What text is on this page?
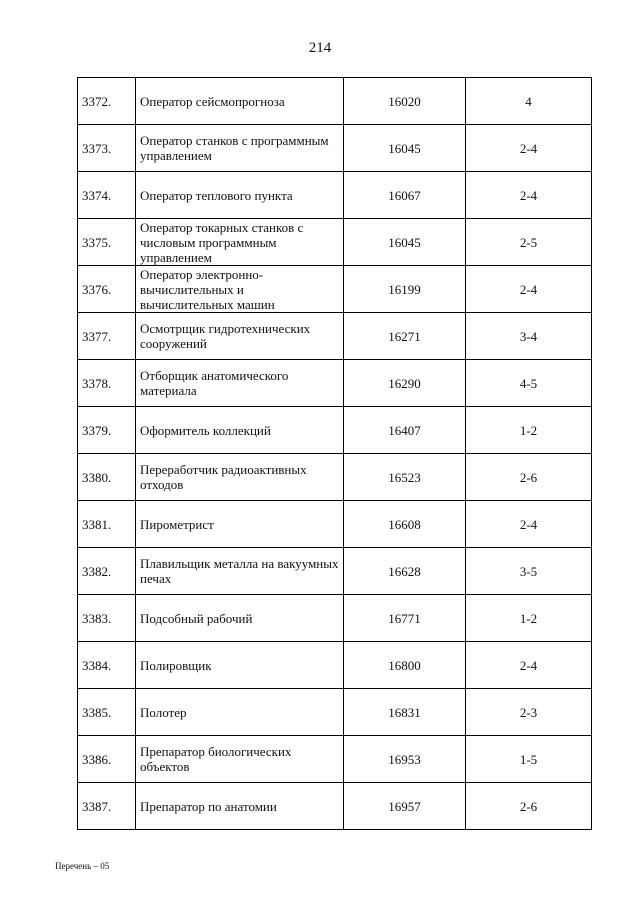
214
3372.	Оператор сейсмопрогноза	16020	4
3373.	Оператор станков с программным управлением	16045	2-4
3374.	Оператор теплового пункта	16067	2-4
3375.	Оператор токарных станков с числовым программным управлением	16045	2-5
3376.	Оператор электронно-вычислительных и вычислительных машин	16199	2-4
3377.	Осмотрщик гидротехнических сооружений	16271	3-4
3378.	Отборщик анатомического материала	16290	4-5
3379.	Оформитель коллекций	16407	1-2
3380.	Переработчик радиоактивных отходов	16523	2-6
3381.	Пирометрист	16608	2-4
3382.	Плавильщик металла на вакуумных печах	16628	3-5
3383.	Подсобный рабочий	16771	1-2
3384.	Полировщик	16800	2-4
3385.	Полотер	16831	2-3
3386.	Препаратор биологических объектов	16953	1-5
3387.	Препаратор по анатомии	16957	2-6
Перечень – 05
